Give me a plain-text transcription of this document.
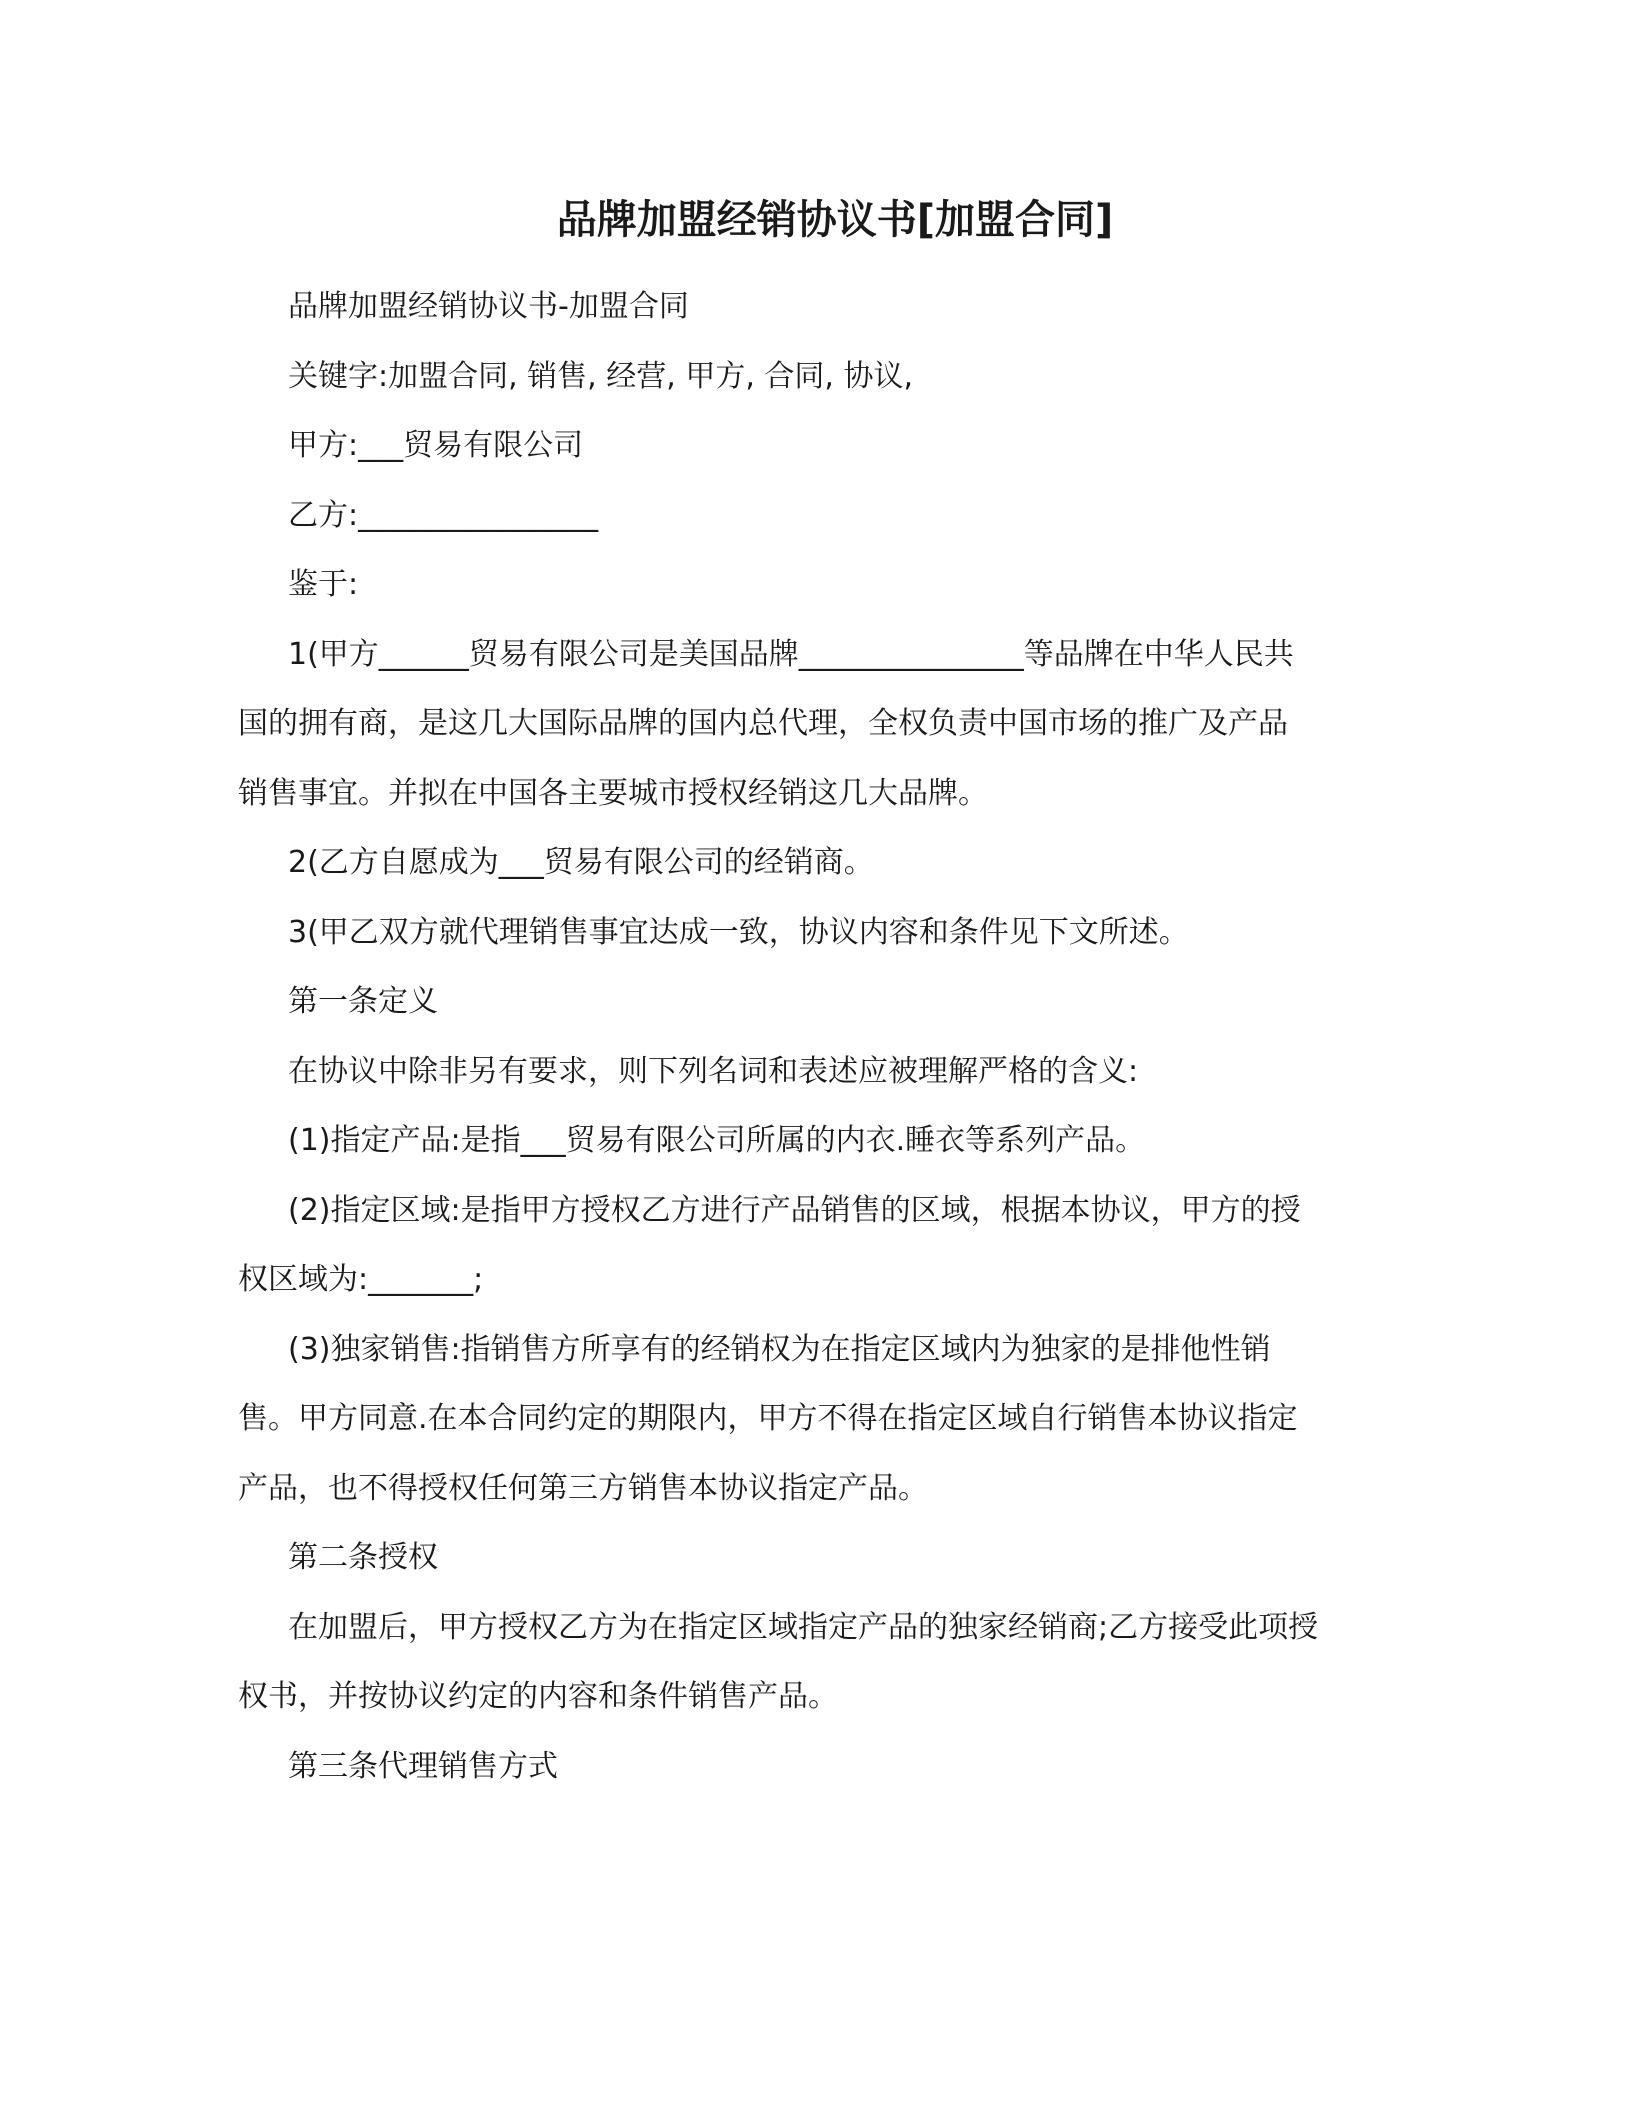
品牌加盟经销协议书[加盟合同]
品牌加盟经销协议书-加盟合同
关键字:加盟合同, 销售, 经营, 甲方, 合同, 协议,
甲方:___贸易有限公司
乙方:________________
鉴于:
1(甲方______贸易有限公司是美国品牌_______________等品牌在中华人民共
国的拥有商，是这几大国际品牌的国内总代理，全权负责中国市场的推广及产品
销售事宜。并拟在中国各主要城市授权经销这几大品牌。
2(乙方自愿成为___贸易有限公司的经销商。
3(甲乙双方就代理销售事宜达成一致，协议内容和条件见下文所述。
第一条定义
在协议中除非另有要求，则下列名词和表述应被理解严格的含义:
(1)指定产品:是指___贸易有限公司所属的内衣.睡衣等系列产品。
(2)指定区域:是指甲方授权乙方进行产品销售的区域，根据本协议，甲方的授
权区域为:_______;
(3)独家销售:指销售方所享有的经销权为在指定区域内为独家的是排他性销
售。甲方同意.在本合同约定的期限内，甲方不得在指定区域自行销售本协议指定
产品，也不得授权任何第三方销售本协议指定产品。
第二条授权
在加盟后，甲方授权乙方为在指定区域指定产品的独家经销商;乙方接受此项授
权书，并按协议约定的内容和条件销售产品。
第三条代理销售方式
